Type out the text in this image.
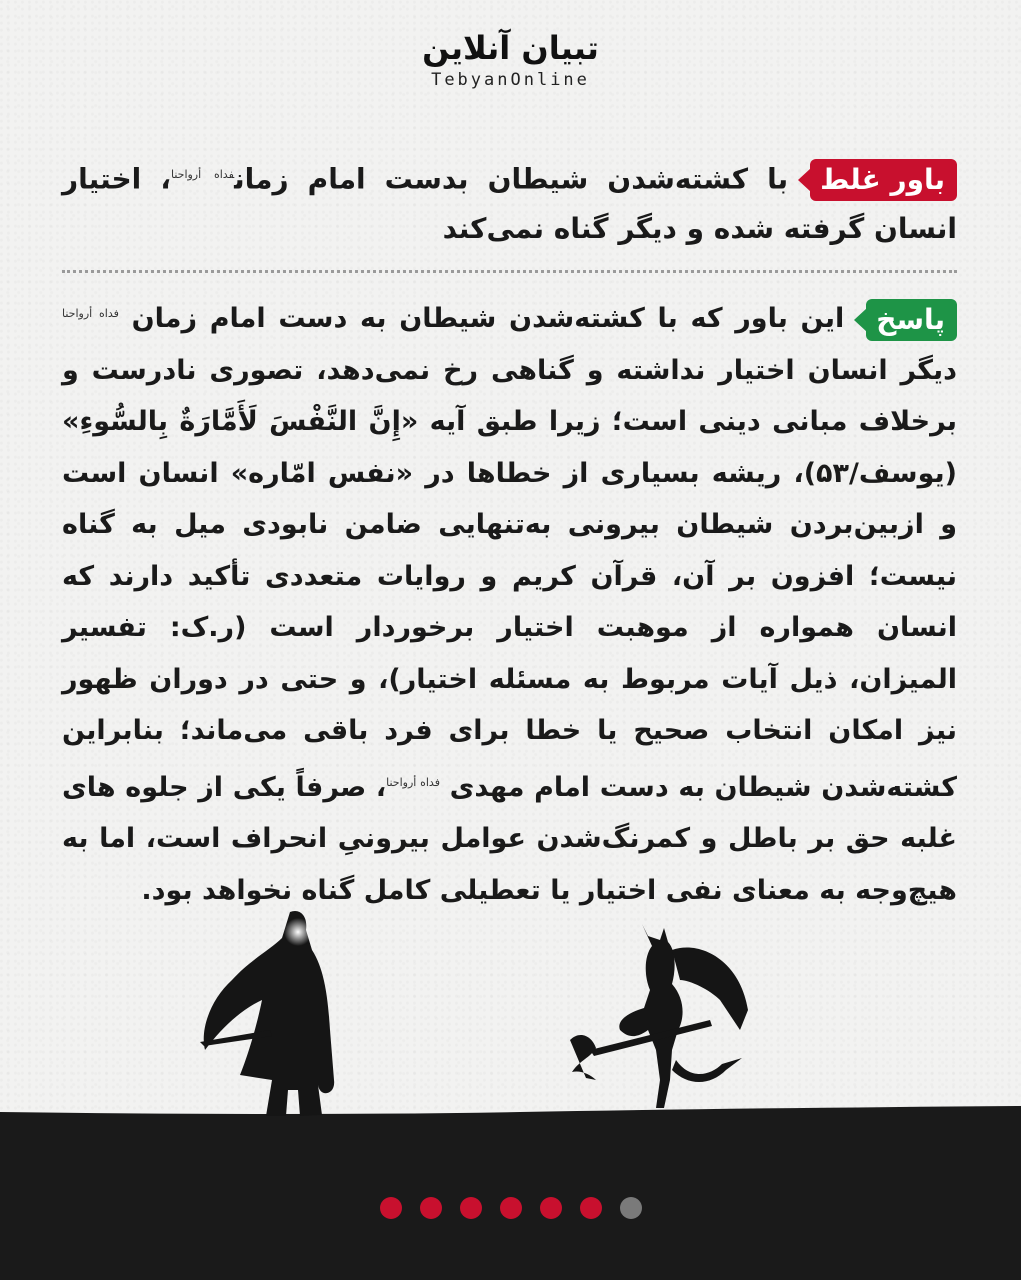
تبیان آنلاین
TebyanOnline
باور غلطبا کشته‌شدن شیطان بدست امام زمان$^{فداه أرواحنا}$، اختیار انسان گرفته شده و دیگر گناه نمی‌کند
پاسخاین باور که با کشته‌شدن شیطان به دست امام زمان $^{فداه أرواحنا}$ دیگر انسان اختیار نداشته و گناهی رخ نمی‌دهد، تصوری نادرست و برخلاف مبانی دینی است؛ زیرا طبق آیه «إِنَّ النَّفْسَ لَأَمَّارَةٌ بِالسُّوءِ» (یوسف/۵۳)، ریشه بسیاری از خطاها در «نفس امّاره» انسان است و ازبین‌بردن شیطان بیرونی به‌تنهایی ضامن نابودی میل به گناه نیست؛ افزون بر آن، قرآن کریم و روایات متعددی تأکید دارند که انسان همواره از موهبت اختیار برخوردار است (ر.ک: تفسیر المیزان، ذیل آیات مربوط به مسئله اختیار)، و حتی در دوران ظهور نیز امکان انتخاب صحیح یا خطا برای فرد باقی می‌ماند؛ بنابراین کشته‌شدن شیطان به دست امام مهدی $^{فداه أرواحنا}$، صرفاً یکی از جلوه های غلبه حق بر باطل و کمرنگ‌شدن عوامل بیرونیِ انحراف است، اما به هیچ‌وجه به معنای نفی اختیار یا تعطیلی کامل گناه نخواهد بود.
